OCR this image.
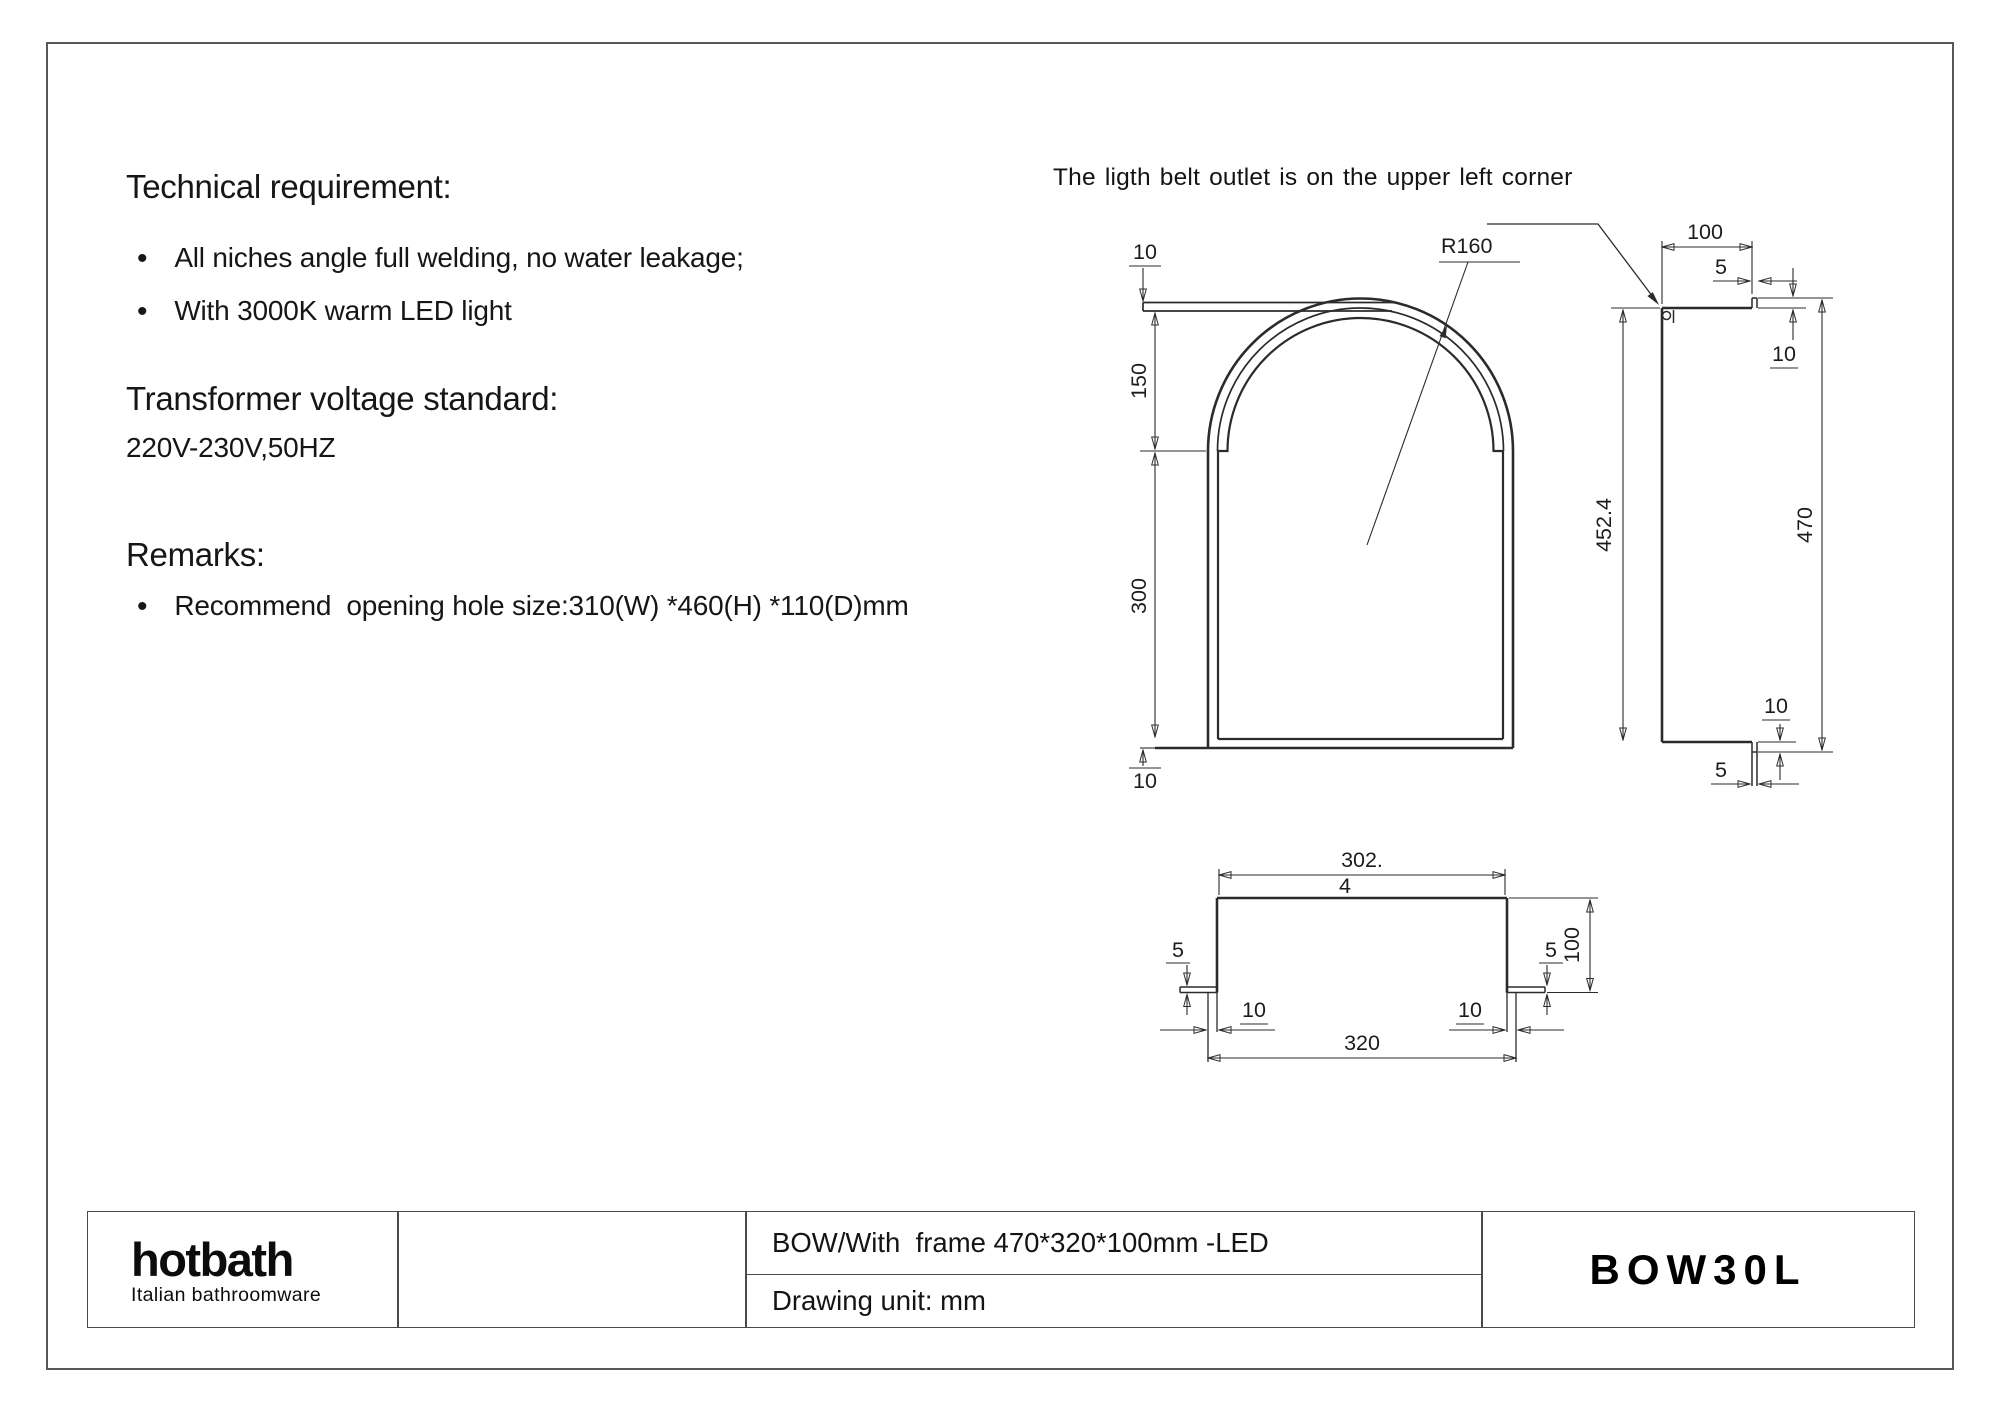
Technical requirement:
• All niches angle full welding, no water leakage;
• With 3000K warm LED light
Transformer voltage standard:
220V-230V,50HZ
Remarks:
• Recommend  opening hole size:310(W) *460(H) *110(D)mm
The ligth belt outlet is on the upper left corner
10
150
300
10
R160
100
5
10
452.4	470
10
5
302.
4
5	5 100
10	10
320
hotbath
Italian bathroomware
BOW/With  frame 470*320*100mm -LED
Drawing unit: mm
BOW30L
